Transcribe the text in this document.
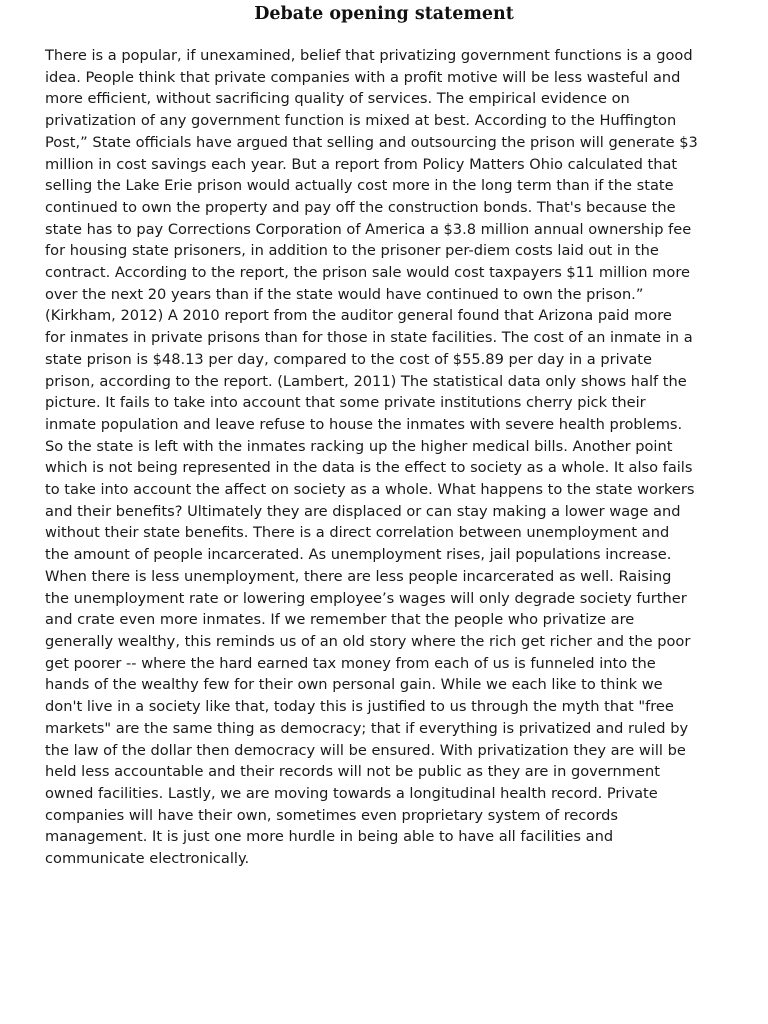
Debate opening statement

There is a popular, if unexamined, belief that privatizing government functions is a good
idea. People think that private companies with a profit motive will be less wasteful and
more efficient, without sacrificing quality of services. The empirical evidence on
privatization of any government function is mixed at best. According to the Huffington
Post,” State officials have argued that selling and outsourcing the prison will generate $3
million in cost savings each year. But a report from Policy Matters Ohio calculated that
selling the Lake Erie prison would actually cost more in the long term than if the state
continued to own the property and pay off the construction bonds. That's because the
state has to pay Corrections Corporation of America a $3.8 million annual ownership fee
for housing state prisoners, in addition to the prisoner per-diem costs laid out in the
contract. According to the report, the prison sale would cost taxpayers $11 million more
over the next 20 years than if the state would have continued to own the prison.”
(Kirkham, 2012) A 2010 report from the auditor general found that Arizona paid more
for inmates in private prisons than for those in state facilities. The cost of an inmate in a
state prison is $48.13 per day, compared to the cost of $55.89 per day in a private
prison, according to the report. (Lambert, 2011) The statistical data only shows half the
picture. It fails to take into account that some private institutions cherry pick their
inmate population and leave refuse to house the inmates with severe health problems.
So the state is left with the inmates racking up the higher medical bills. Another point
which is not being represented in the data is the effect to society as a whole. It also fails
to take into account the affect on society as a whole. What happens to the state workers
and their benefits? Ultimately they are displaced or can stay making a lower wage and
without their state benefits. There is a direct correlation between unemployment and
the amount of people incarcerated. As unemployment rises, jail populations increase.
When there is less unemployment, there are less people incarcerated as well. Raising
the unemployment rate or lowering employee’s wages will only degrade society further
and crate even more inmates. If we remember that the people who privatize are
generally wealthy, this reminds us of an old story where the rich get richer and the poor
get poorer -- where the hard earned tax money from each of us is funneled into the
hands of the wealthy few for their own personal gain. While we each like to think we
don't live in a society like that, today this is justified to us through the myth that "free
markets" are the same thing as democracy; that if everything is privatized and ruled by
the law of the dollar then democracy will be ensured. With privatization they are will be
held less accountable and their records will not be public as they are in government
owned facilities. Lastly, we are moving towards a longitudinal health record. Private
companies will have their own, sometimes even proprietary system of records
management. It is just one more hurdle in being able to have all facilities and
communicate electronically.
